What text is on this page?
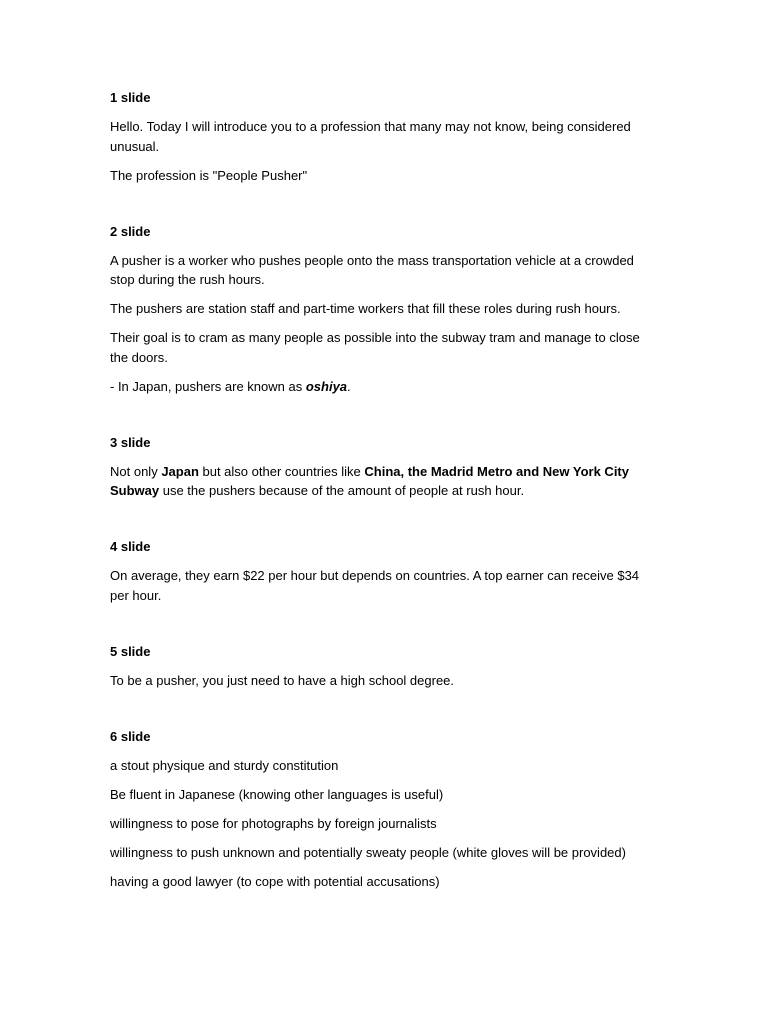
1 slide

Hello. Today I will introduce you to a profession that many may not know, being considered unusual.

The profession is "People Pusher"

2 slide

A pusher is a worker who pushes people onto the mass transportation vehicle at a crowded stop during the rush hours.

The pushers are station staff and part-time workers that fill these roles during rush hours.

Their goal is to cram as many people as possible into the subway tram and manage to close the doors.

- In Japan, pushers are known as oshiya.

3 slide

Not only Japan but also other countries like China, the Madrid Metro and New York City Subway use the pushers because of the amount of people at rush hour.

4 slide

On average, they earn $22 per hour but depends on countries. A top earner can receive $34 per hour.

5 slide

To be a pusher, you just need to have a high school degree.

6 slide

a stout physique and sturdy constitution

Be fluent in Japanese (knowing other languages is useful)

willingness to pose for photographs by foreign journalists

willingness to push unknown and potentially sweaty people (white gloves will be provided)

having a good lawyer (to cope with potential accusations)
